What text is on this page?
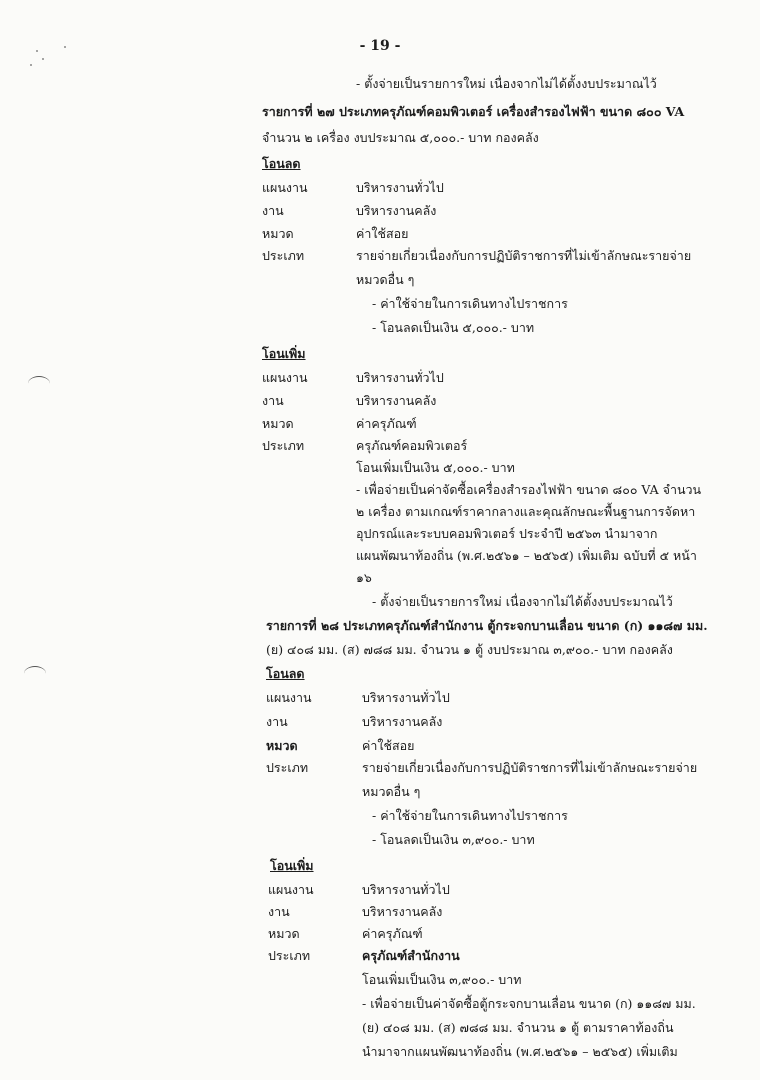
- 19 -
- ตั้งจ่ายเป็นรายการใหม่ เนื่องจากไม่ได้ตั้งงบประมาณไว้
รายการที่ ๒๗ ประเภทครุภัณฑ์คอมพิวเตอร์ เครื่องสำรองไฟฟ้า ขนาด ๘๐๐ VA
จำนวน ๒ เครื่อง งบประมาณ ๕,๐๐๐.- บาท กองคลัง
โอนลด
แผนงาน	บริหารงานทั่วไป
งาน	บริหารงานคลัง
หมวด	ค่าใช้สอย
ประเภท	รายจ่ายเกี่ยวเนื่องกับการปฏิบัติราชการที่ไม่เข้าลักษณะรายจ่าย
หมวดอื่น ๆ
- ค่าใช้จ่ายในการเดินทางไปราชการ
- โอนลดเป็นเงิน ๕,๐๐๐.- บาท
โอนเพิ่ม
แผนงาน	บริหารงานทั่วไป
งาน	บริหารงานคลัง
หมวด	ค่าครุภัณฑ์
ประเภท	ครุภัณฑ์คอมพิวเตอร์
โอนเพิ่มเป็นเงิน ๕,๐๐๐.- บาท
- เพื่อจ่ายเป็นค่าจัดซื้อเครื่องสำรองไฟฟ้า ขนาด ๘๐๐ VA จำนวน
๒ เครื่อง ตามเกณฑ์ราคากลางและคุณลักษณะพื้นฐานการจัดหา
อุปกรณ์และระบบคอมพิวเตอร์ ประจำปี ๒๕๖๓ นำมาจาก
แผนพัฒนาท้องถิ่น (พ.ศ.๒๕๖๑ – ๒๕๖๕) เพิ่มเติม ฉบับที่ ๕ หน้า
๑๖
- ตั้งจ่ายเป็นรายการใหม่ เนื่องจากไม่ได้ตั้งงบประมาณไว้
รายการที่ ๒๘ ประเภทครุภัณฑ์สำนักงาน ตู้กระจกบานเลื่อน ขนาด (ก) ๑๑๘๗ มม.
(ย) ๔๐๘ มม. (ส) ๗๘๘ มม. จำนวน ๑ ตู้ งบประมาณ ๓,๙๐๐.- บาท กองคลัง
โอนลด
แผนงาน	บริหารงานทั่วไป
งาน	บริหารงานคลัง
หมวด	ค่าใช้สอย
ประเภท	รายจ่ายเกี่ยวเนื่องกับการปฏิบัติราชการที่ไม่เข้าลักษณะรายจ่าย
หมวดอื่น ๆ
- ค่าใช้จ่ายในการเดินทางไปราชการ
- โอนลดเป็นเงิน ๓,๙๐๐.- บาท
โอนเพิ่ม
แผนงาน	บริหารงานทั่วไป
งาน	บริหารงานคลัง
หมวด	ค่าครุภัณฑ์
ประเภท	ครุภัณฑ์สำนักงาน
โอนเพิ่มเป็นเงิน ๓,๙๐๐.- บาท
- เพื่อจ่ายเป็นค่าจัดซื้อตู้กระจกบานเลื่อน ขนาด (ก) ๑๑๘๗ มม.
(ย) ๔๐๘ มม. (ส) ๗๘๘ มม. จำนวน ๑ ตู้ ตามราคาท้องถิ่น
นำมาจากแผนพัฒนาท้องถิ่น (พ.ศ.๒๕๖๑ – ๒๕๖๕) เพิ่มเติม
